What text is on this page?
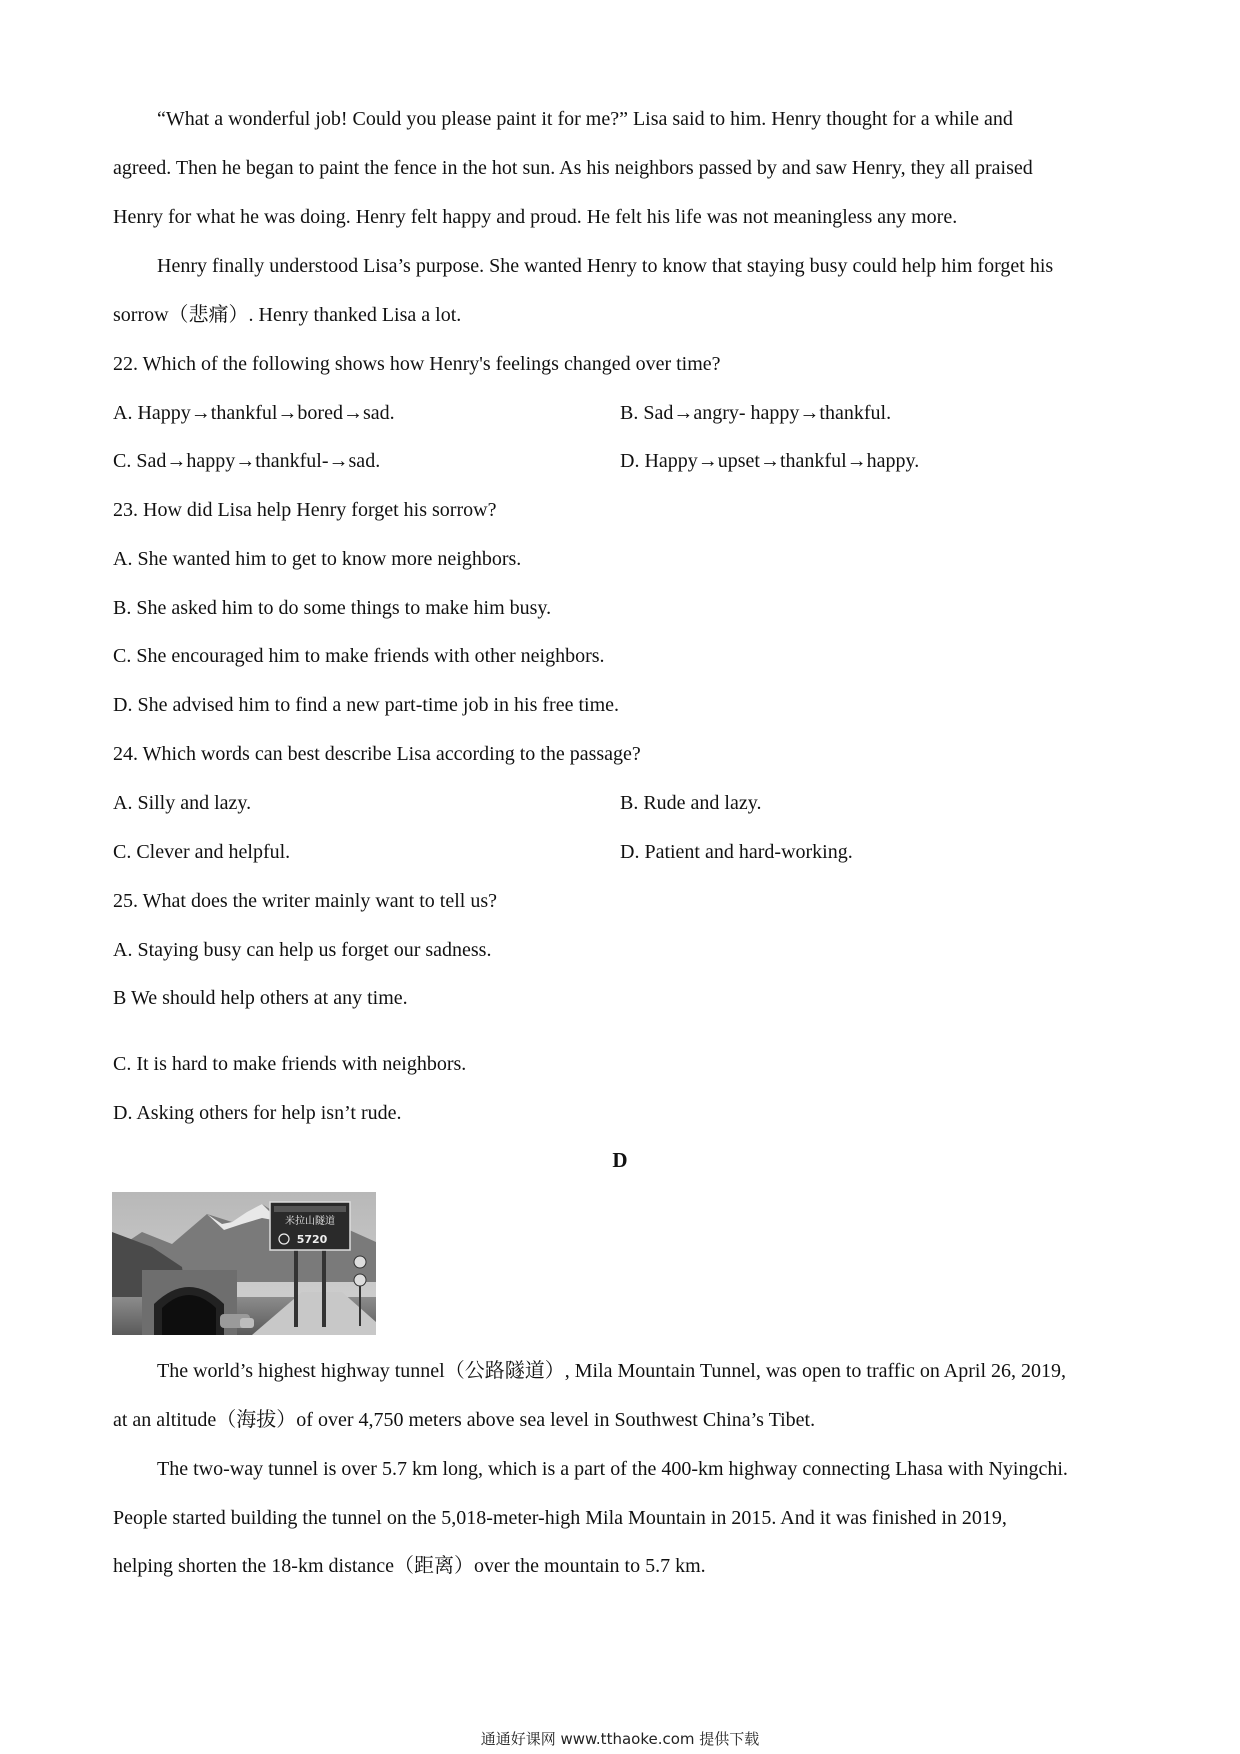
“What a wonderful job! Could you please paint it for me?” Lisa said to him. Henry thought for a while and
agreed. Then he began to paint the fence in the hot sun. As his neighbors passed by and saw Henry, they all praised
Henry for what he was doing. Henry felt happy and proud. He felt his life was not meaningless any more.
Henry finally understood Lisa’s purpose. She wanted Henry to know that staying busy could help him forget his
sorrow（悲痛）. Henry thanked Lisa a lot.
22. Which of the following shows how Henry's feelings changed over time?
A. Happy→thankful→bored→sad.	B. Sad→angry- happy→thankful.
C. Sad→happy→thankful-→sad.	D. Happy→upset→thankful→happy.
23. How did Lisa help Henry forget his sorrow?
A. She wanted him to get to know more neighbors.
B. She asked him to do some things to make him busy.
C. She encouraged him to make friends with other neighbors.
D. She advised him to find a new part-time job in his free time.
24. Which words can best describe Lisa according to the passage?
A. Silly and lazy.	B. Rude and lazy.
C. Clever and helpful.	D. Patient and hard-working.
25. What does the writer mainly want to tell us?
A. Staying busy can help us forget our sadness.
B We should help others at any time.
C. It is hard to make friends with neighbors.
D. Asking others for help isn’t rude.
D
米拉山隧道
5720
The world’s highest highway tunnel（公路隧道）, Mila Mountain Tunnel, was open to traffic on April 26, 2019,
at an altitude（海拔）of over 4,750 meters above sea level in Southwest China’s Tibet.
The two-way tunnel is over 5.7 km long, which is a part of the 400-km highway connecting Lhasa with Nyingchi.
People started building the tunnel on the 5,018-meter-high Mila Mountain in 2015. And it was finished in 2019,
helping shorten the 18-km distance（距离）over the mountain to 5.7 km.
通通好课网 www.tthaoke.com 提供下载
